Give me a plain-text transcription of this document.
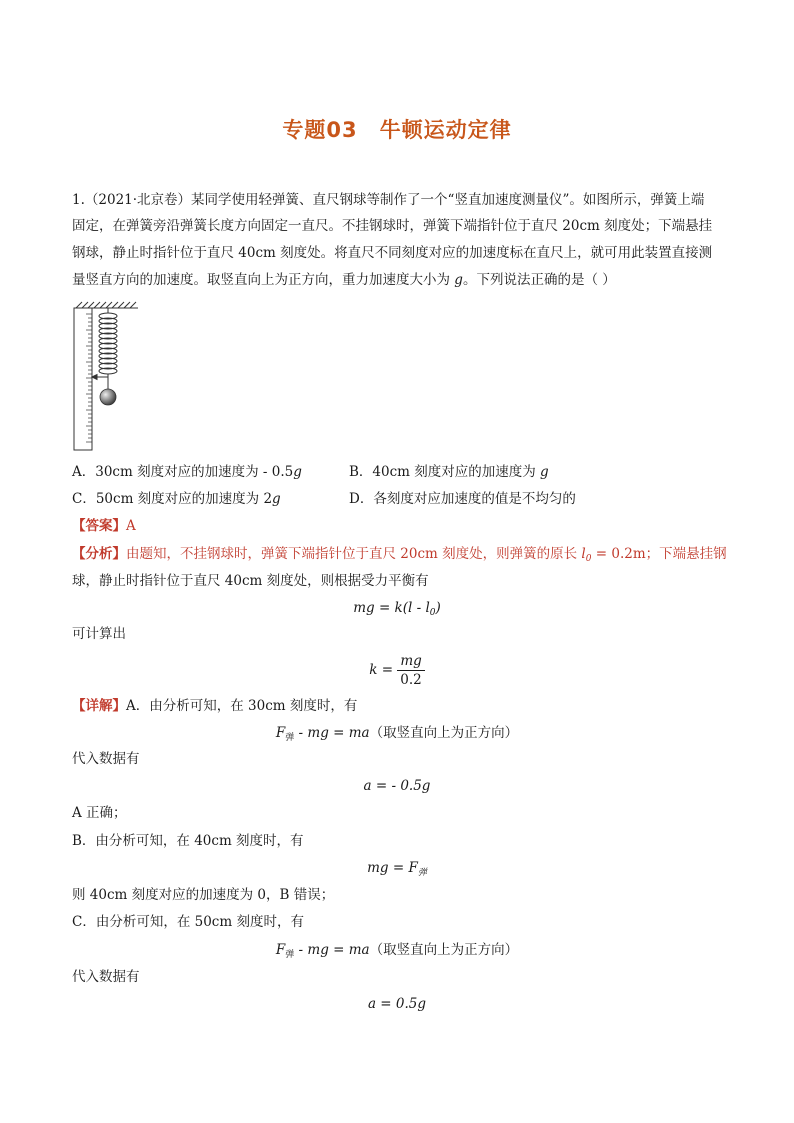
专题03　牛顿运动定律
1.（2021·北京卷）某同学使用轻弹簧、直尺钢球等制作了一个“竖直加速度测量仪”。如图所示，弹簧上端
固定，在弹簧旁沿弹簧长度方向固定一直尺。不挂钢球时，弹簧下端指针位于直尺 20cm 刻度处；下端悬挂
钢球，静止时指针位于直尺 40cm 刻度处。将直尺不同刻度对应的加速度标在直尺上，就可用此装置直接测
量竖直方向的加速度。取竖直向上为正方向，重力加速度大小为 g。下列说法正确的是（ ）
A．30cm 刻度对应的加速度为 - 0.5g	B．40cm 刻度对应的加速度为 g
C．50cm 刻度对应的加速度为 2g	D．各刻度对应加速度的值是不均匀的
【答案】A
【分析】由题知，不挂钢球时，弹簧下端指针位于直尺 20cm 刻度处，则弹簧的原长 $l_0 = 0.2m$；下端悬挂钢
球，静止时指针位于直尺 40cm 刻度处，则根据受力平衡有
mg = $k(l - l_0)$
可计算出
$k = \frac{mg}{0.2}$
【详解】A．由分析可知，在 30cm 刻度时，有
$F_弹$ - mg = ma（取竖直向上为正方向）
代入数据有
a = - 0.5g
A 正确；
B．由分析可知，在 40cm 刻度时，有
mg = $F_弹$
则 40cm 刻度对应的加速度为 0，B 错误；
C．由分析可知，在 50cm 刻度时，有
$F_弹$ - mg = ma（取竖直向上为正方向）
代入数据有
a = 0.5g
